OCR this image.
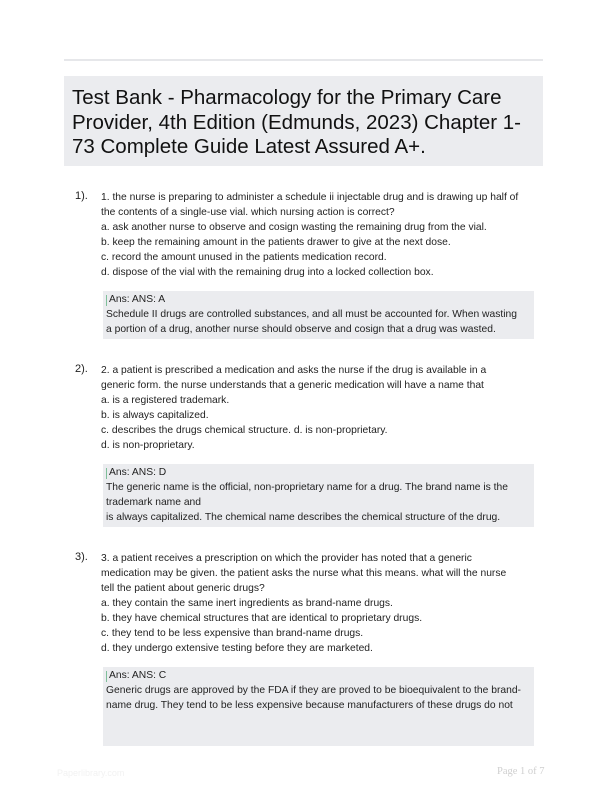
Test Bank - Pharmacology for the Primary Care Provider, 4th Edition (Edmunds, 2023) Chapter 1-73 Complete Guide Latest Assured A+.
1). 1. the nurse is preparing to administer a schedule ii injectable drug and is drawing up half of
the contents of a single-use vial. which nursing action is correct?
a. ask another nurse to observe and cosign wasting the remaining drug from the vial.
b. keep the remaining amount in the patients drawer to give at the next dose.
c. record the amount unused in the patients medication record.
d. dispose of the vial with the remaining drug into a locked collection box.
Ans: ANS: A
Schedule II drugs are controlled substances, and all must be accounted for. When wasting
a portion of a drug, another nurse should observe and cosign that a drug was wasted.
2). 2. a patient is prescribed a medication and asks the nurse if the drug is available in a
generic form. the nurse understands that a generic medication will have a name that
a. is a registered trademark.
b. is always capitalized.
c. describes the drugs chemical structure. d. is non-proprietary.
d. is non-proprietary.
Ans: ANS: D
The generic name is the official, non-proprietary name for a drug. The brand name is the
trademark name and
is always capitalized. The chemical name describes the chemical structure of the drug.
3). 3. a patient receives a prescription on which the provider has noted that a generic
medication may be given. the patient asks the nurse what this means. what will the nurse
tell the patient about generic drugs?
a. they contain the same inert ingredients as brand-name drugs.
b. they have chemical structures that are identical to proprietary drugs.
c. they tend to be less expensive than brand-name drugs.
d. they undergo extensive testing before they are marketed.
Ans: ANS: C
Generic drugs are approved by the FDA if they are proved to be bioequivalent to the brand-
name drug. They tend to be less expensive because manufacturers of these drugs do not
Paperlibrary.com	Page 1 of 7
